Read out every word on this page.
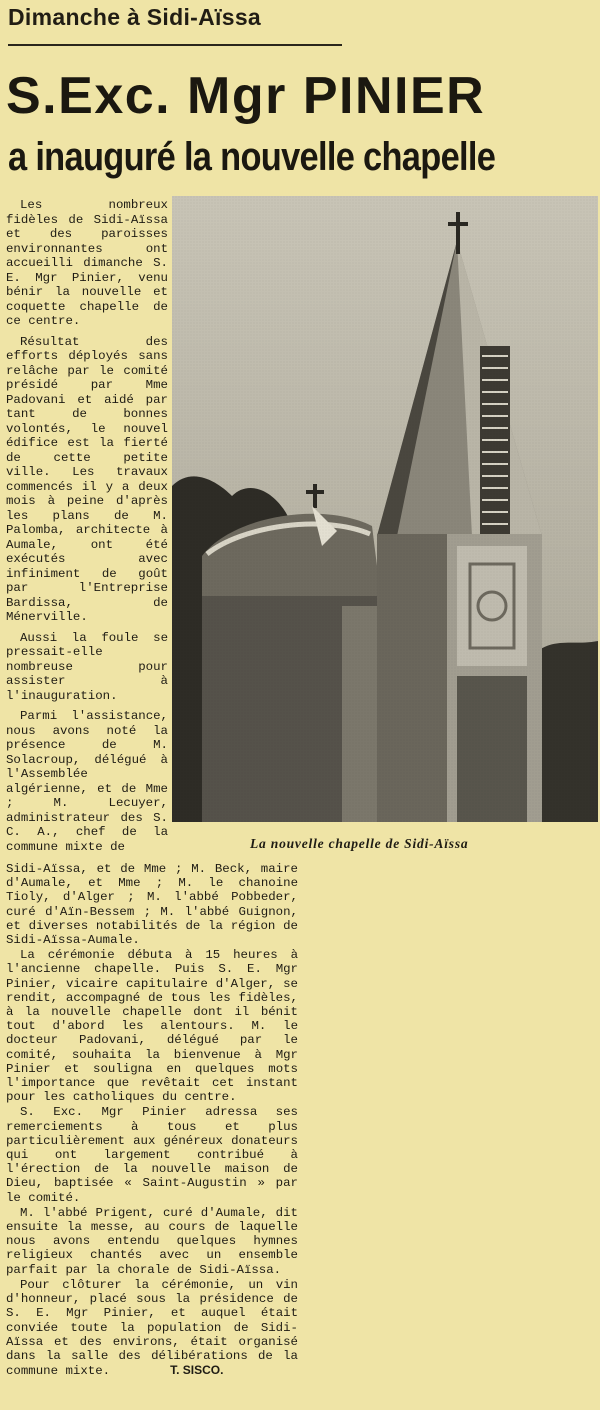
Dimanche à Sidi-Aïssa
S.Exc. Mgr PINIER
a inauguré la nouvelle chapelle

Les nombreux fidèles de Sidi-Aïssa et des paroisses environnantes ont accueilli dimanche S. E. Mgr Pinier, venu bénir la nouvelle et coquette chapelle de ce centre.

Résultat des efforts déployés sans relâche par le comité présidé par Mme Padovani et aidé par tant de bonnes volontés, le nouvel édifice est la fierté de cette petite ville. Les travaux commencés il y a deux mois à peine d'après les plans de M. Palomba, architecte à Aumale, ont été exécutés avec infiniment de goût par l'Entreprise Bardissa, de Ménerville.

Aussi la foule se pressait-elle nombreuse pour assister à l'inauguration.

Parmi l'assistance, nous avons noté la présence de M. Solacroup, délégué à l'Assemblée algérienne, et de Mme ; M. Lecuyer, administrateur des S. C. A., chef de la commune mixte de	La nouvelle chapelle de Sidi-Aïssa

Sidi-Aïssa, et de Mme ; M. Beck, maire d'Aumale, et Mme ; M. le chanoine Tioly, d'Alger ; M. l'abbé Pobbeder, curé d'Aïn-Bessem ; M. l'abbé Guignon, et diverses notabilités de la région de Sidi-Aïssa-Aumale.

La cérémonie débuta à 15 heures à l'ancienne chapelle. Puis S. E. Mgr Pinier, vicaire capitulaire d'Alger, se rendit, accompagné de tous les fidèles, à la nouvelle chapelle dont il bénit tout d'abord les alentours. M. le docteur Padovani, délégué par le comité, souhaita la bienvenue à Mgr Pinier et souligna en quelques mots l'importance que revêtait cet instant pour les catholiques du centre.

S. Exc. Mgr Pinier adressa ses remerciements à tous et plus particulièrement aux généreux donateurs qui ont largement contribué à l'érection de la nouvelle maison de Dieu, baptisée « Saint-Augustin » par le comité.

M. l'abbé Prigent, curé d'Aumale, dit ensuite la messe, au cours de laquelle nous avons entendu quelques hymnes religieux chantés avec un ensemble parfait par la chorale de Sidi-Aïssa.

Pour clôturer la cérémonie, un vin d'honneur, placé sous la présidence de S. E. Mgr Pinier, et auquel était conviée toute la population de Sidi-Aïssa et des environs, était organisé dans la salle des délibérations de la commune mixte.	T. SISCO.
